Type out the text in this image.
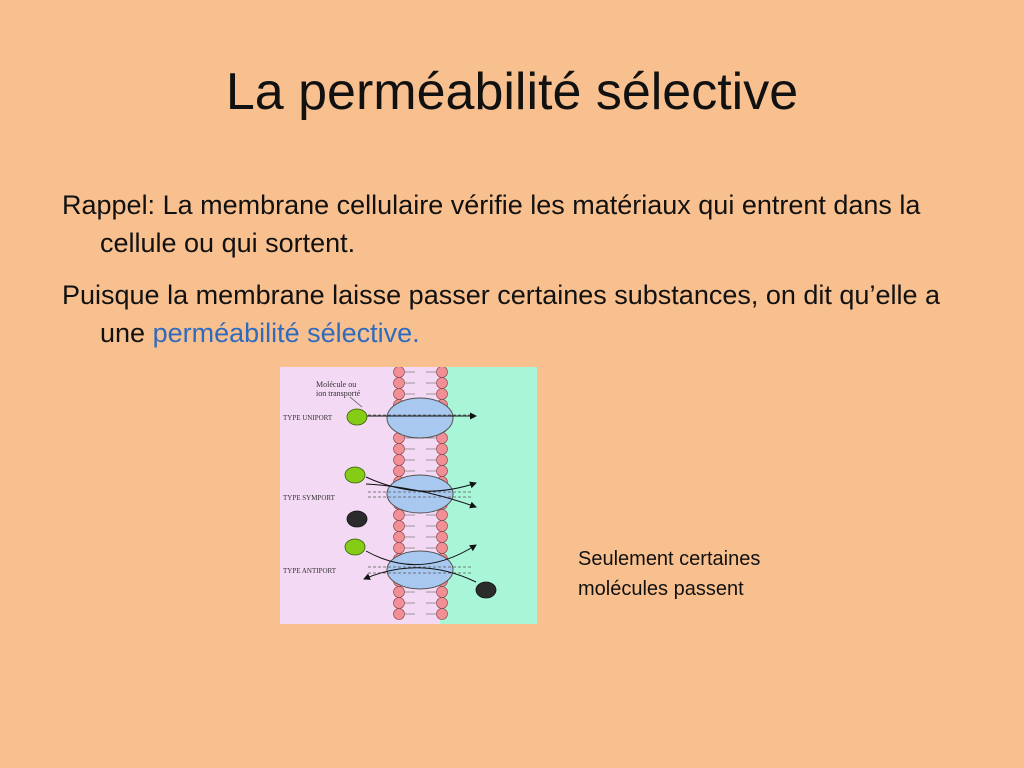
La perméabilité sélective
Rappel: La membrane cellulaire vérifie les matériaux qui entrent dans la cellule ou qui sortent.
Puisque la membrane laisse passer certaines substances, on dit qu’elle a une perméabilité sélective.
Molécule ou
ion transporté
TYPE UNIPORT
TYPE SYMPORT
TYPE ANTIPORT
Seulement certaines molécules passent
